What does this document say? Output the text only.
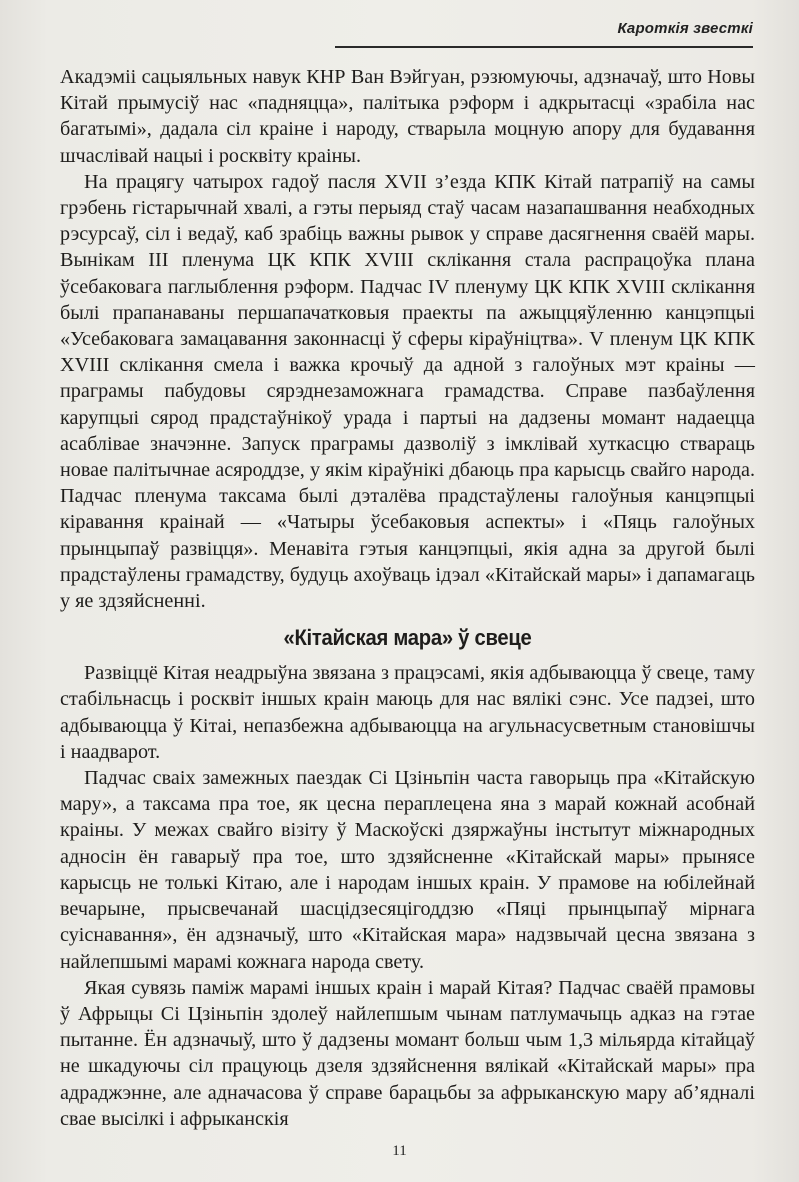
Кароткія звесткі

Акадэміі сацыяльных навук КНР Ван Вэйгуан, рэзюмуючы, адзначаў, што Новы Кітай прымусіў нас «падняцца», палітыка рэформ і адкрытасці «зрабіла нас багатымі», дадала сіл краіне і народу, стварыла моцную апору для будавання шчаслівай нацыі і росквіту краіны.

На працягу чатырох гадоў пасля XVII з’езда КПК Кітай патрапіў на самы грэбень гістарычнай хвалі, а гэты перыяд стаў часам назапашвання неабходных рэсурсаў, сіл і ведаў, каб зрабіць важны рывок у справе дасягнення сваёй мары. Вынікам III пленума ЦК КПК XVIII склікання стала распрацоўка плана ўсебаковага паглыблення рэформ. Падчас IV пленуму ЦК КПК XVIII склікання былі прапанаваны першапачатковыя праекты па ажыццяўленню канцэпцыі «Усебаковага замацавання законнасці ў сферы кіраўніцтва». V пленум ЦК КПК XVIII склікання смела і важка крочыў да адной з галоўных мэт краіны — праграмы пабудовы сярэднезаможнага грамадства. Справе пазбаўлення карупцыі сярод прадстаўнікоў урада і партыі на дадзены момант надаецца асаблівае значэнне. Запуск праграмы дазволіў з імклівай хуткасцю ствараць новае палітычнае асяроддзе, у якім кіраўнікі дбаюць пра карысць свайго народа. Падчас пленума таксама былі дэталёва прадстаўлены галоўныя канцэпцыі кіравання краінай — «Чатыры ўсебаковыя аспекты» і «Пяць галоўных прынцыпаў развіцця». Менавіта гэтыя канцэпцыі, якія адна за другой былі прадстаўлены грамадству, будуць ахоўваць ідэал «Кітайскай мары» і дапамагаць у яе здзяйсненні.

«Кітайская мара» ў свеце

Развіццё Кітая неадрыўна звязана з працэсамі, якія адбываюцца ў свеце, таму стабільнасць і росквіт іншых краін маюць для нас вялікі сэнс. Усе падзеі, што адбываюцца ў Кітаі, непазбежна адбываюцца на агульнасусветным становішчы і наадварот.

Падчас сваіх замежных паездак Сі Цзіньпін часта гаворыць пра «Кітайскую мару», а таксама пра тое, як цесна пераплецена яна з марай кожнай асобнай краіны. У межах свайго візіту ў Маскоўскі дзяржаўны інстытут міжнародных адносін ён гаварыў пра тое, што здзяйсненне «Кітайскай мары» прынясе карысць не толькі Кітаю, але і народам іншых краін. У прамове на юбілейнай вечарыне, прысвечанай шасцідзесяцігоддзю «Пяці прынцыпаў мірнага суіснавання», ён адзначыў, што «Кітайская мара» надзвычай цесна звязана з найлепшымі марамі кожнага народа свету.

Якая сувязь паміж марамі іншых краін і марай Кітая? Падчас сваёй прамовы ў Афрыцы Сі Цзіньпін здолеў найлепшым чынам патлумачыць адказ на гэтае пытанне. Ён адзначыў, што ў дадзены момант больш чым 1,3 мільярда кітайцаў не шкадуючы сіл працуюць дзеля здзяйснення вялікай «Кітайскай мары» пра адраджэнне, але адначасова ў справе барацьбы за афрыканскую мару аб’ядналі свае высілкі і афрыканскія

11
